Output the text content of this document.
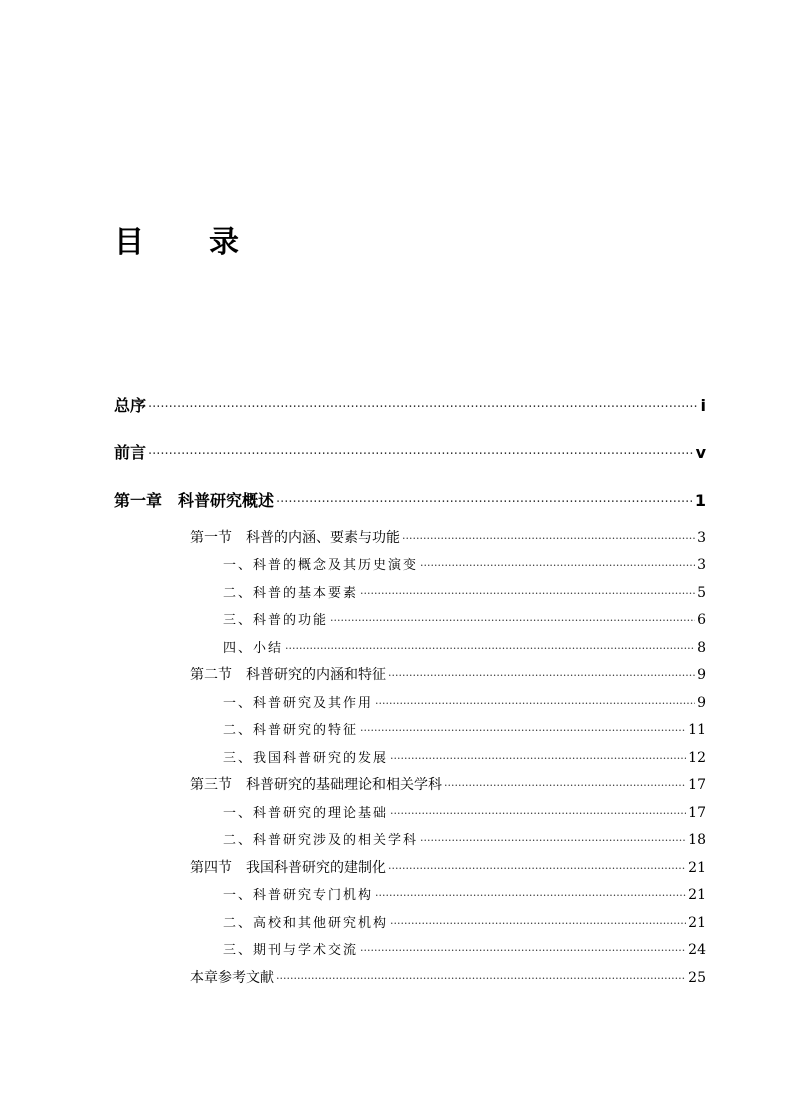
目 录
总序 ·····	i
前言 ·····	v
第一章 科普研究概述 ·····	1
第一节　科普的内涵、要素与功能 ·····	3
一、科普的概念及其历史演变 ·····	3
二、科普的基本要素 ·····	5
三、科普的功能 ·····	6
四、小结 ·····	8
第二节　科普研究的内涵和特征 ·····	9
一、科普研究及其作用 ·····	9
二、科普研究的特征 ·····	11
三、我国科普研究的发展 ·····	12
第三节　科普研究的基础理论和相关学科 ·····	17
一、科普研究的理论基础 ·····	17
二、科普研究涉及的相关学科 ·····	18
第四节　我国科普研究的建制化 ·····	21
一、科普研究专门机构 ·····	21
二、高校和其他研究机构 ·····	21
三、期刊与学术交流 ·····	24
本章参考文献 ·····	25
